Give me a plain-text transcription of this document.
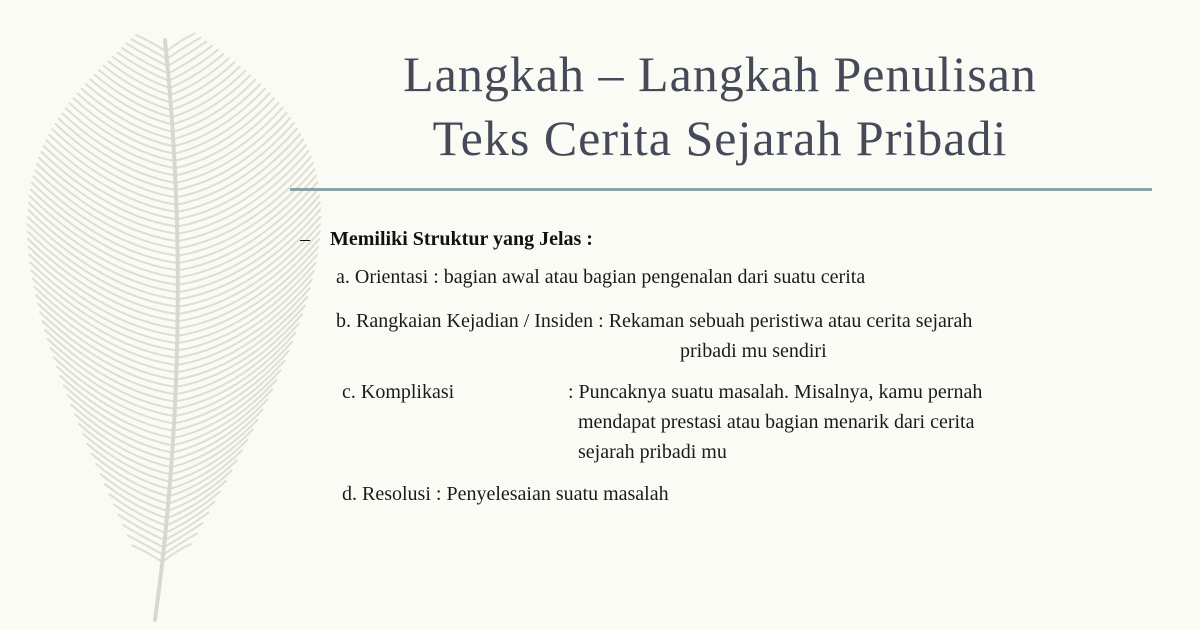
Langkah – Langkah Penulisan
Teks Cerita Sejarah Pribadi
– Memiliki Struktur yang Jelas :
a. Orientasi : bagian awal atau bagian pengenalan dari suatu cerita
b. Rangkaian Kejadian / Insiden : Rekaman sebuah peristiwa atau cerita sejarah
pribadi mu sendiri
c. Komplikasi	: Puncaknya suatu masalah. Misalnya, kamu pernah
mendapat prestasi atau bagian menarik dari cerita
sejarah pribadi mu
d. Resolusi : Penyelesaian suatu masalah
